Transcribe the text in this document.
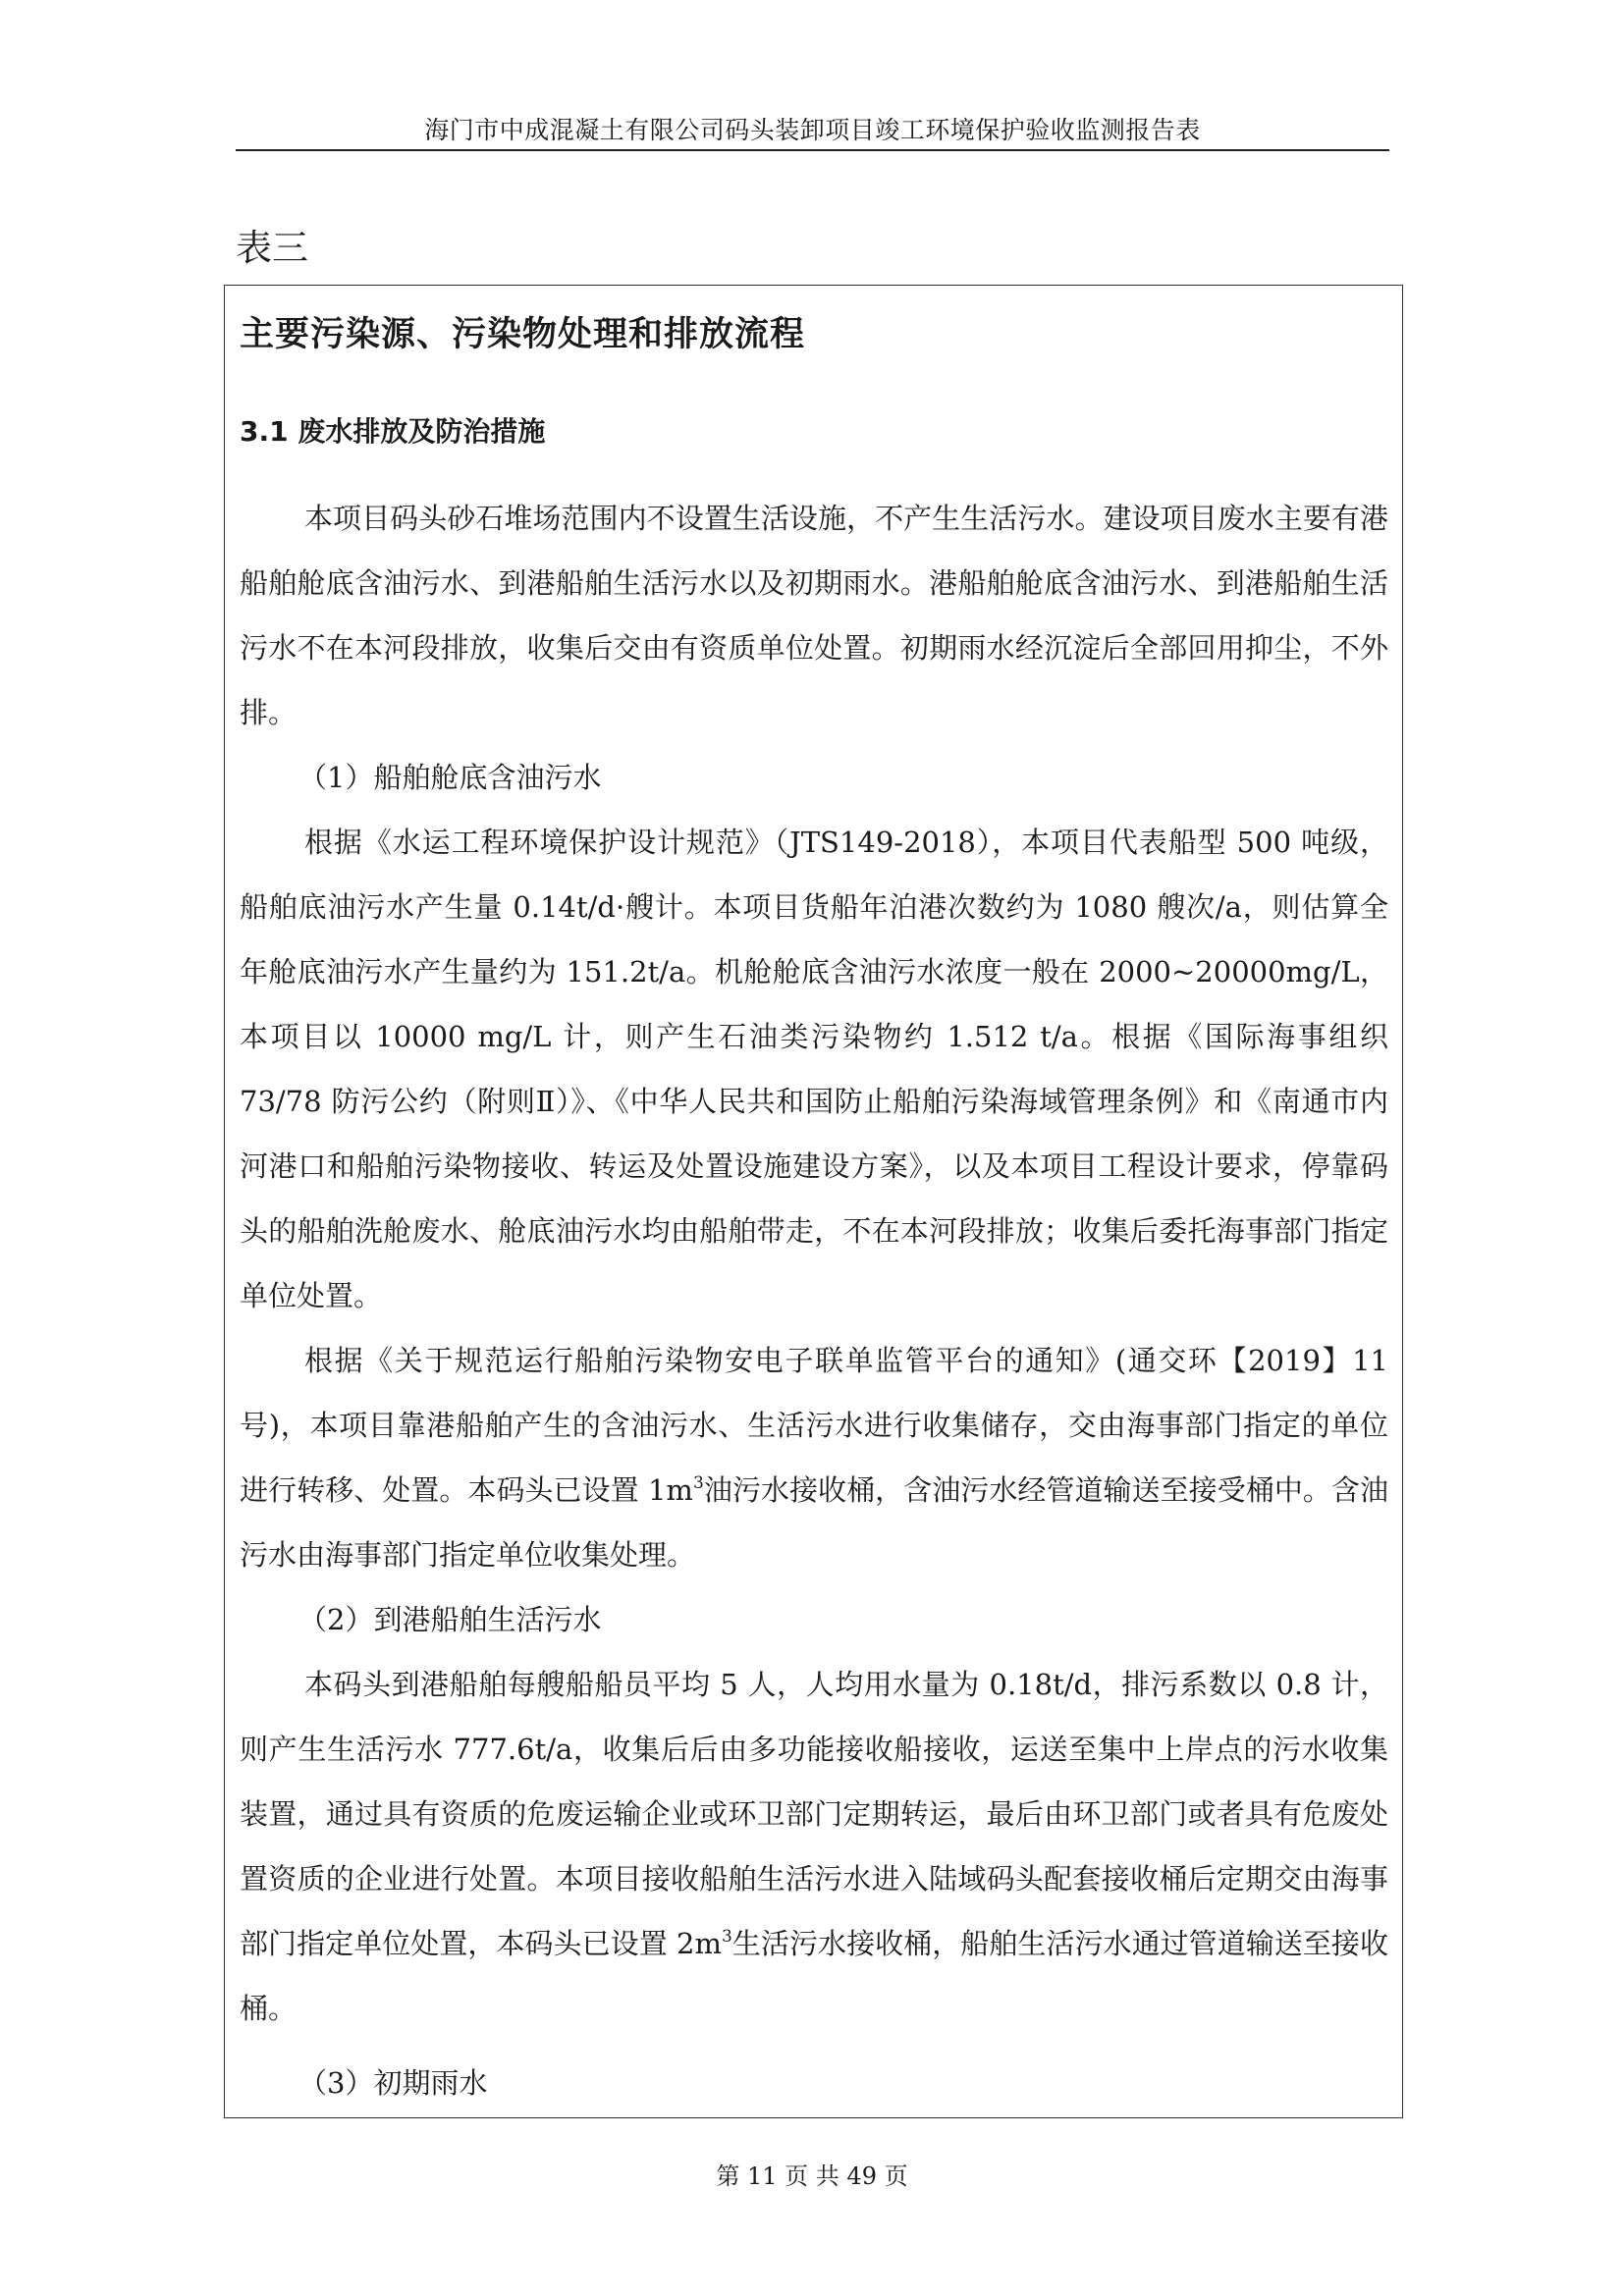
海门市中成混凝土有限公司码头装卸项目竣工环境保护验收监测报告表
表三
主要污染源、污染物处理和排放流程
3.1 废水排放及防治措施

本项目码头砂石堆场范围内不设置生活设施，不产生生活污水。建设项目废水主要有港船舶舱底含油污水、到港船舶生活污水以及初期雨水。港船舶舱底含油污水、到港船舶生活污水不在本河段排放，收集后交由有资质单位处置。初期雨水经沉淀后全部回用抑尘，不外排。

（1）船舶舱底含油污水

根据《水运工程环境保护设计规范》（JTS149-2018），本项目代表船型 500 吨级，船舶底油污水产生量 0.14t/d·艘计。本项目货船年泊港次数约为 1080 艘次/a，则估算全年舱底油污水产生量约为 151.2t/a。机舱舱底含油污水浓度一般在 2000~20000mg/L，本项目以 10000 mg/L 计，则产生石油类污染物约 1.512 t/a。根据《国际海事组织 73/78 防污公约（附则Ⅱ）》、《中华人民共和国防止船舶污染海域管理条例》和《南通市内河港口和船舶污染物接收、转运及处置设施建设方案》，以及本项目工程设计要求，停靠码头的船舶洗舱废水、舱底油污水均由船舶带走，不在本河段排放；收集后委托海事部门指定单位处置。

根据《关于规范运行船舶污染物安电子联单监管平台的通知》(通交环【2019】11 号)，本项目靠港船舶产生的含油污水、生活污水进行收集储存，交由海事部门指定的单位进行转移、处置。本码头已设置 $1m^3$油污水接收桶，含油污水经管道输送至接受桶中。含油污水由海事部门指定单位收集处理。

（2）到港船舶生活污水

本码头到港船舶每艘船船员平均 5 人，人均用水量为 0.18t/d，排污系数以 0.8 计，则产生生活污水 777.6t/a，收集后后由多功能接收船接收，运送至集中上岸点的污水收集装置，通过具有资质的危废运输企业或环卫部门定期转运，最后由环卫部门或者具有危废处置资质的企业进行处置。本项目接收船舶生活污水进入陆域码头配套接收桶后定期交由海事部门指定单位处置，本码头已设置 $2m^3$生活污水接收桶，船舶生活污水通过管道输送至接收桶。

（3）初期雨水

第 11 页 共 49 页
